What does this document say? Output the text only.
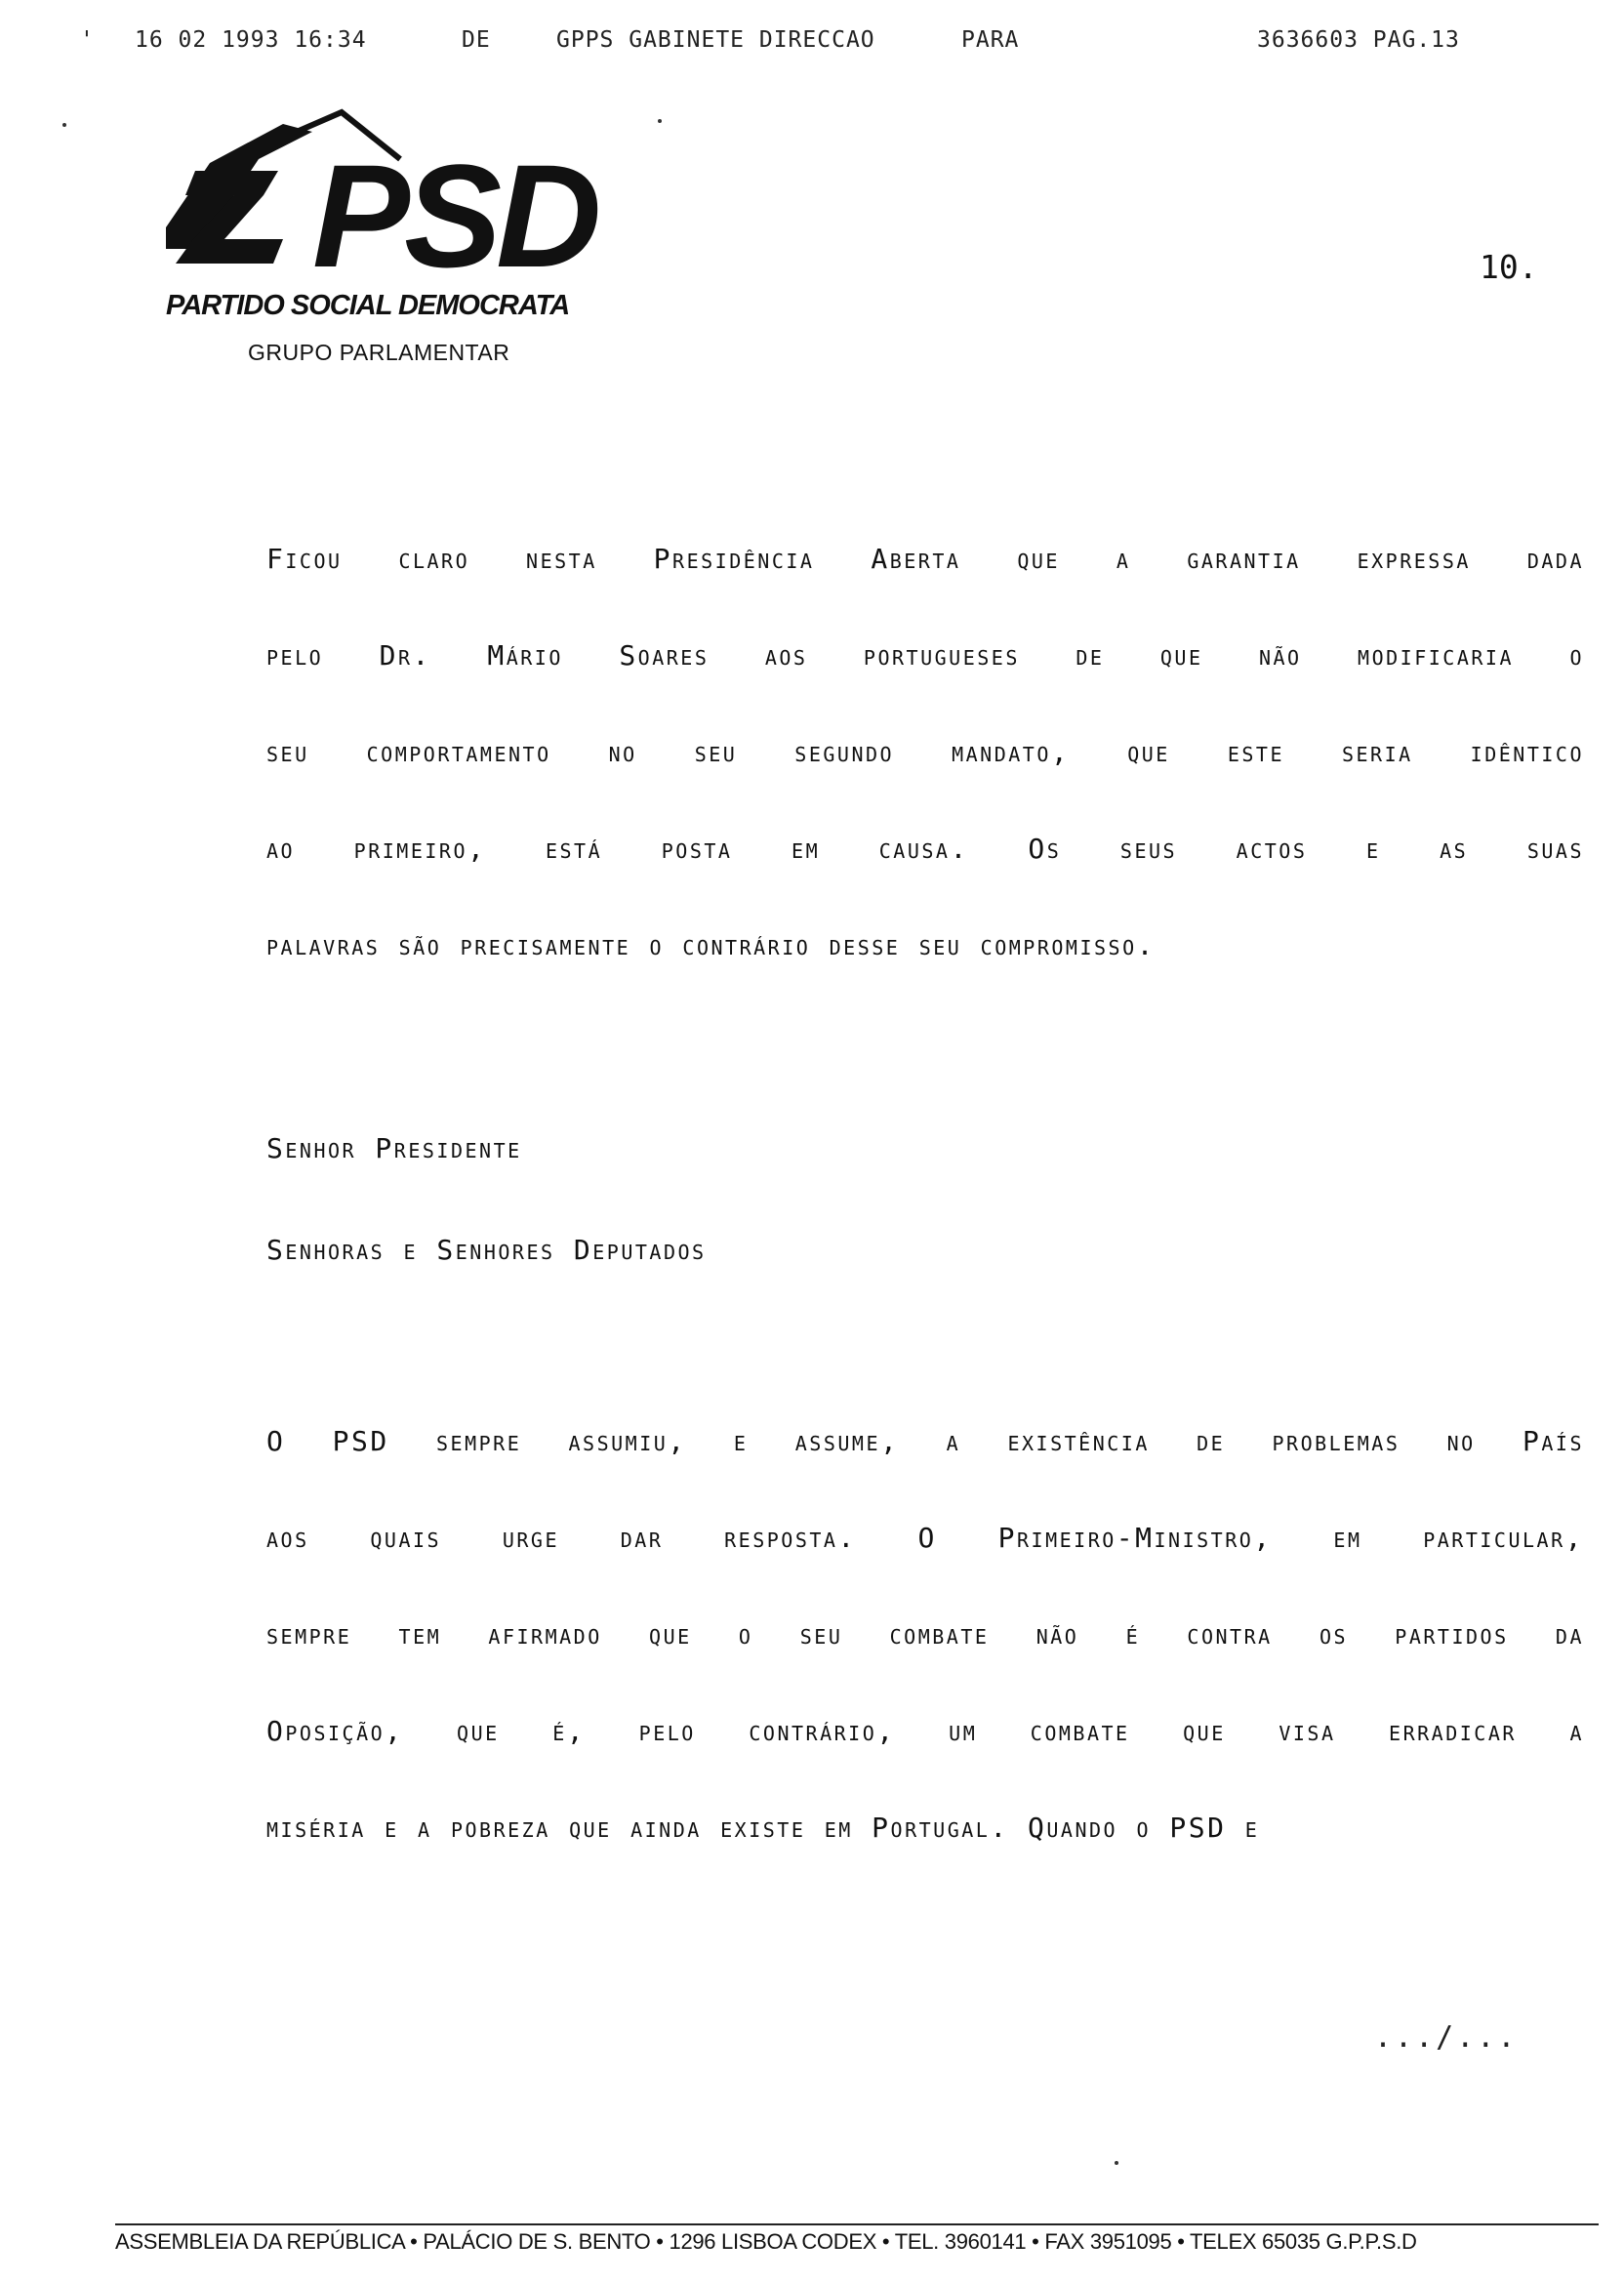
' 16 02 1993 16:34	DE	GPPS GABINETE DIRECCAO	PARA	3636603 PAG.13
PSD
PARTIDO SOCIAL DEMOCRATA
GRUPO PARLAMENTAR
10.
Ficou claro nesta Presidência Aberta que a garantia expressa dada
pelo Dr. Mário Soares aos portugueses de que não modificaria o
seu comportamento no seu segundo mandato, que este seria idêntico
ao primeiro, está posta em causa. Os seus actos e as suas
palavras são precisamente o contrário desse seu compromisso.
Senhor Presidente
Senhoras e Senhores Deputados
O PSD sempre assumiu, e assume, a existência de problemas no País
aos quais urge dar resposta. O Primeiro-Ministro, em particular,
sempre tem afirmado que o seu combate não é contra os partidos da
Oposição, que é, pelo contrário, um combate que visa erradicar a
miséria e a pobreza que ainda existe em Portugal. Quando o PSD e
.../...
ASSEMBLEIA DA REPÚBLICA • PALÁCIO DE S. BENTO • 1296 LISBOA CODEX • TEL. 3960141 • FAX 3951095 • TELEX 65035 G.P.P.S.D
